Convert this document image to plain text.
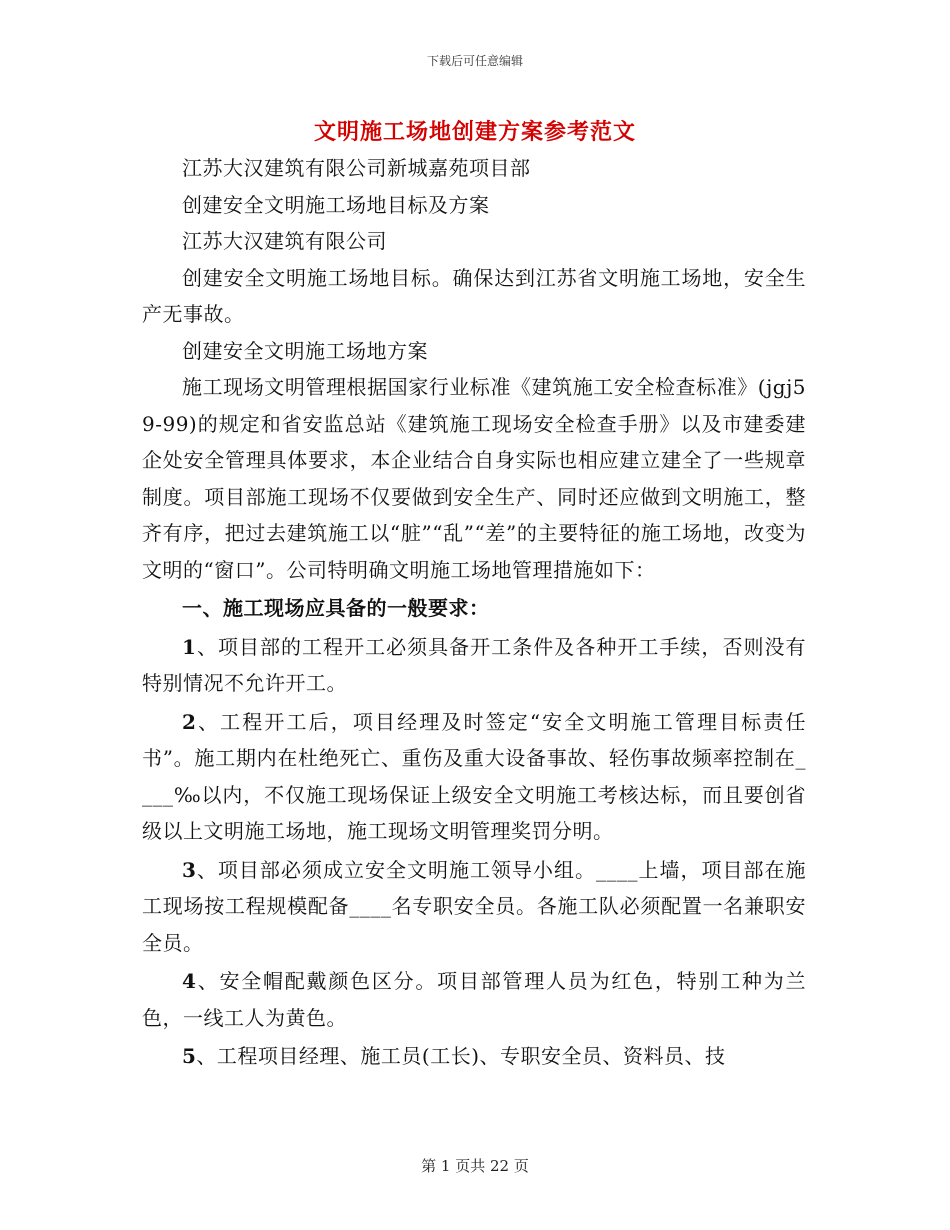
下载后可任意编辑
文明施工场地创建方案参考范文

江苏大汉建筑有限公司新城嘉苑项目部

创建安全文明施工场地目标及方案

江苏大汉建筑有限公司

创建安全文明施工场地目标。确保达到江苏省文明施工场地，安全生产无事故。

创建安全文明施工场地方案

施工现场文明管理根据国家行业标准《建筑施工安全检查标准》(jgj59-99)的规定和省安监总站《建筑施工现场安全检查手册》以及市建委建企处安全管理具体要求，本企业结合自身实际也相应建立建全了一些规章制度。项目部施工现场不仅要做到安全生产、同时还应做到文明施工，整齐有序，把过去建筑施工以“脏”“乱”“差”的主要特征的施工场地，改变为文明的“窗口”。公司特明确文明施工场地管理措施如下：

一、施工现场应具备的一般要求：

1、项目部的工程开工必须具备开工条件及各种开工手续，否则没有特别情况不允许开工。

2、工程开工后，项目经理及时签定“安全文明施工管理目标责任书”。施工期内在杜绝死亡、重伤及重大设备事故、轻伤事故频率控制在____‰以内，不仅施工现场保证上级安全文明施工考核达标，而且要创省级以上文明施工场地，施工现场文明管理奖罚分明。

3、项目部必须成立安全文明施工领导小组。____上墙，项目部在施工现场按工程规模配备____名专职安全员。各施工队必须配置一名兼职安全员。

4、安全帽配戴颜色区分。项目部管理人员为红色，特别工种为兰色，一线工人为黄色。

5、工程项目经理、施工员(工长)、专职安全员、资料员、技

第 1 页共 22 页
